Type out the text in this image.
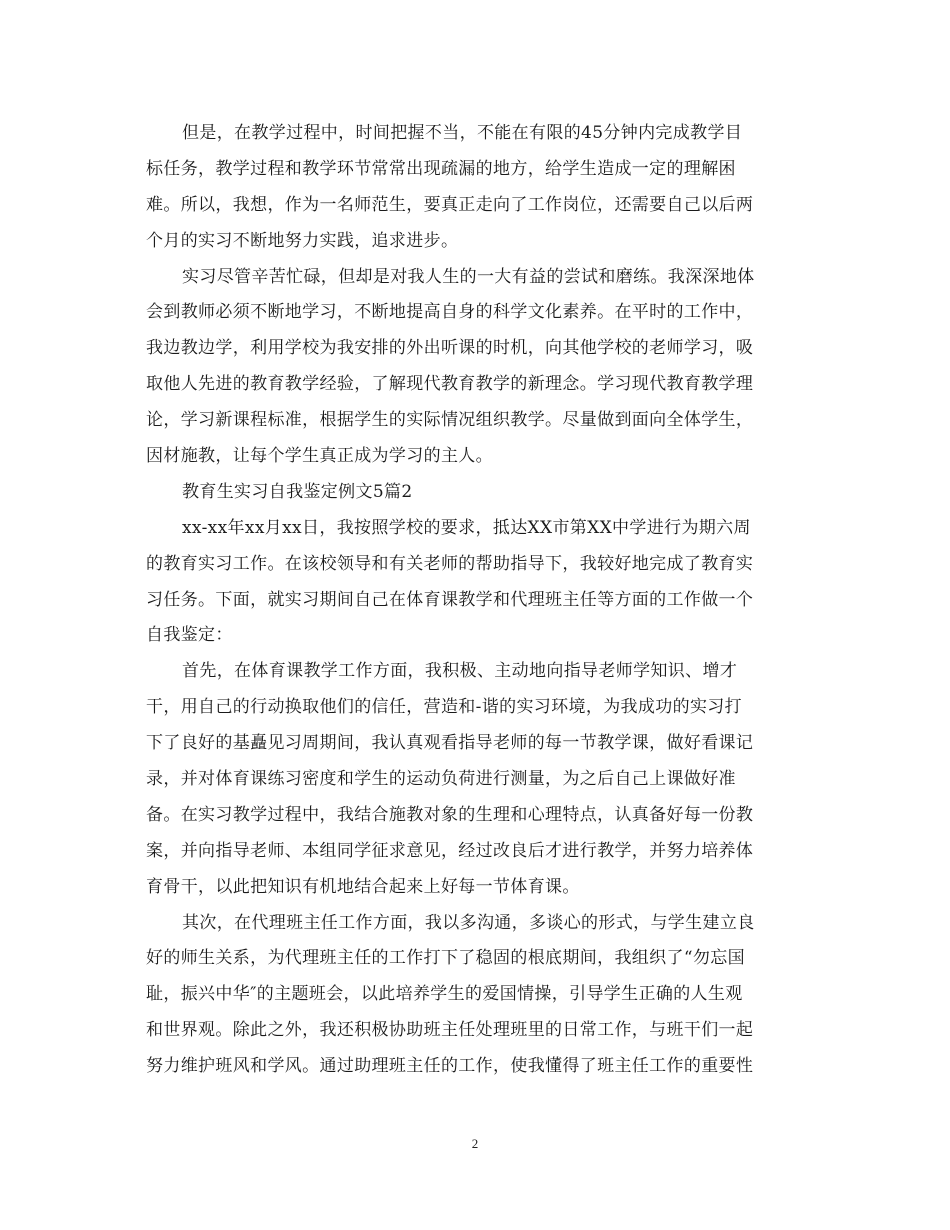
但是，在教学过程中，时间把握不当，不能在有限的45分钟内完成教学目
标任务，教学过程和教学环节常常出现疏漏的地方，给学生造成一定的理解困
难。所以，我想，作为一名师范生，要真正走向了工作岗位，还需要自己以后两
个月的实习不断地努力实践，追求进步。
实习尽管辛苦忙碌，但却是对我人生的一大有益的尝试和磨练。我深深地体
会到教师必须不断地学习，不断地提高自身的科学文化素养。在平时的工作中，
我边教边学，利用学校为我安排的外出听课的时机，向其他学校的老师学习，吸
取他人先进的教育教学经验，了解现代教育教学的新理念。学习现代教育教学理
论，学习新课程标准，根据学生的实际情况组织教学。尽量做到面向全体学生，
因材施教，让每个学生真正成为学习的主人。
教育生实习自我鉴定例文5篇2
xx-xx年xx月xx日，我按照学校的要求，抵达XX市第XX中学进行为期六周
的教育实习工作。在该校领导和有关老师的帮助指导下，我较好地完成了教育实
习任务。下面，就实习期间自己在体育课教学和代理班主任等方面的工作做一个
自我鉴定：
首先，在体育课教学工作方面，我积极、主动地向指导老师学知识、增才
干，用自己的行动换取他们的信任，营造和-谐的实习环境，为我成功的实习打
下了良好的基矗见习周期间，我认真观看指导老师的每一节教学课，做好看课记
录，并对体育课练习密度和学生的运动负荷进行测量，为之后自己上课做好准
备。在实习教学过程中，我结合施教对象的生理和心理特点，认真备好每一份教
案，并向指导老师、本组同学征求意见，经过改良后才进行教学，并努力培养体
育骨干，以此把知识有机地结合起来上好每一节体育课。
其次，在代理班主任工作方面，我以多沟通，多谈心的形式，与学生建立良
好的师生关系，为代理班主任的工作打下了稳固的根底期间，我组织了“勿忘国
耻，振兴中华″的主题班会，以此培养学生的爱国情操，引导学生正确的人生观
和世界观。除此之外，我还积极协助班主任处理班里的日常工作，与班干们一起
努力维护班风和学风。通过助理班主任的工作，使我懂得了班主任工作的重要性
2
